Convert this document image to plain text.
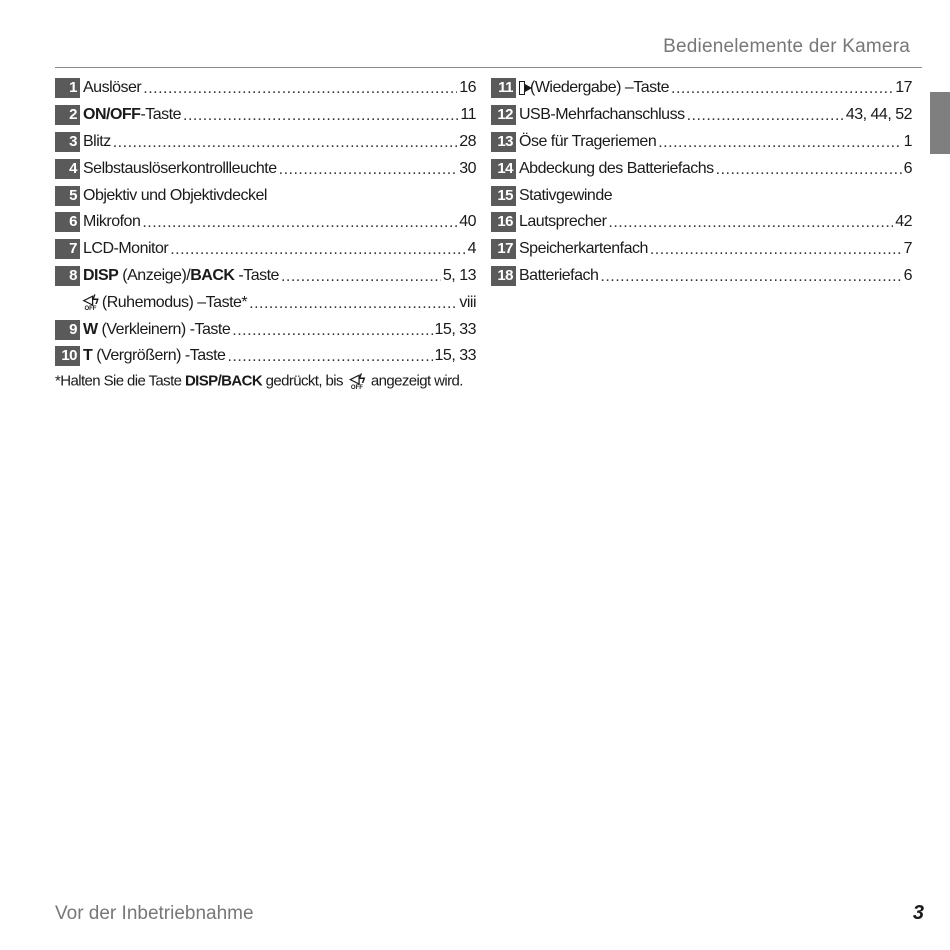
Bedienelemente der Kamera
1 Auslöser .....	16
2 ON/OFF-Taste .....	11
3 Blitz .....	28
4 Selbstauslöserkontrollleuchte .....	30
5 Objektiv und Objektivdeckel
6 Mikrofon .....	40
7 LCD-Monitor .....	4
8 DISP (Anzeige)/BACK -Taste .....	5, 13
◁ϟ
OFF (Ruhemodus) –Taste* .....	viii
9 W (Verkleinern) -Taste .....	15, 33
10 T (Vergrößern) -Taste .....	15, 33
*Halten Sie die Taste DISP/BACK gedrückt, bis ◁ϟ
OFF angezeigt wird.
11 (Wiedergabe) –Taste .....	17
12 USB-Mehrfachanschluss .....	43, 44, 52
13 Öse für Trageriemen .....	1
14 Abdeckung des Batteriefachs .....	6
15 Stativgewinde
16 Lautsprecher .....	42
17 Speicherkartenfach .....	7
18 Batteriefach .....	6
Vor der Inbetriebnahme	3
